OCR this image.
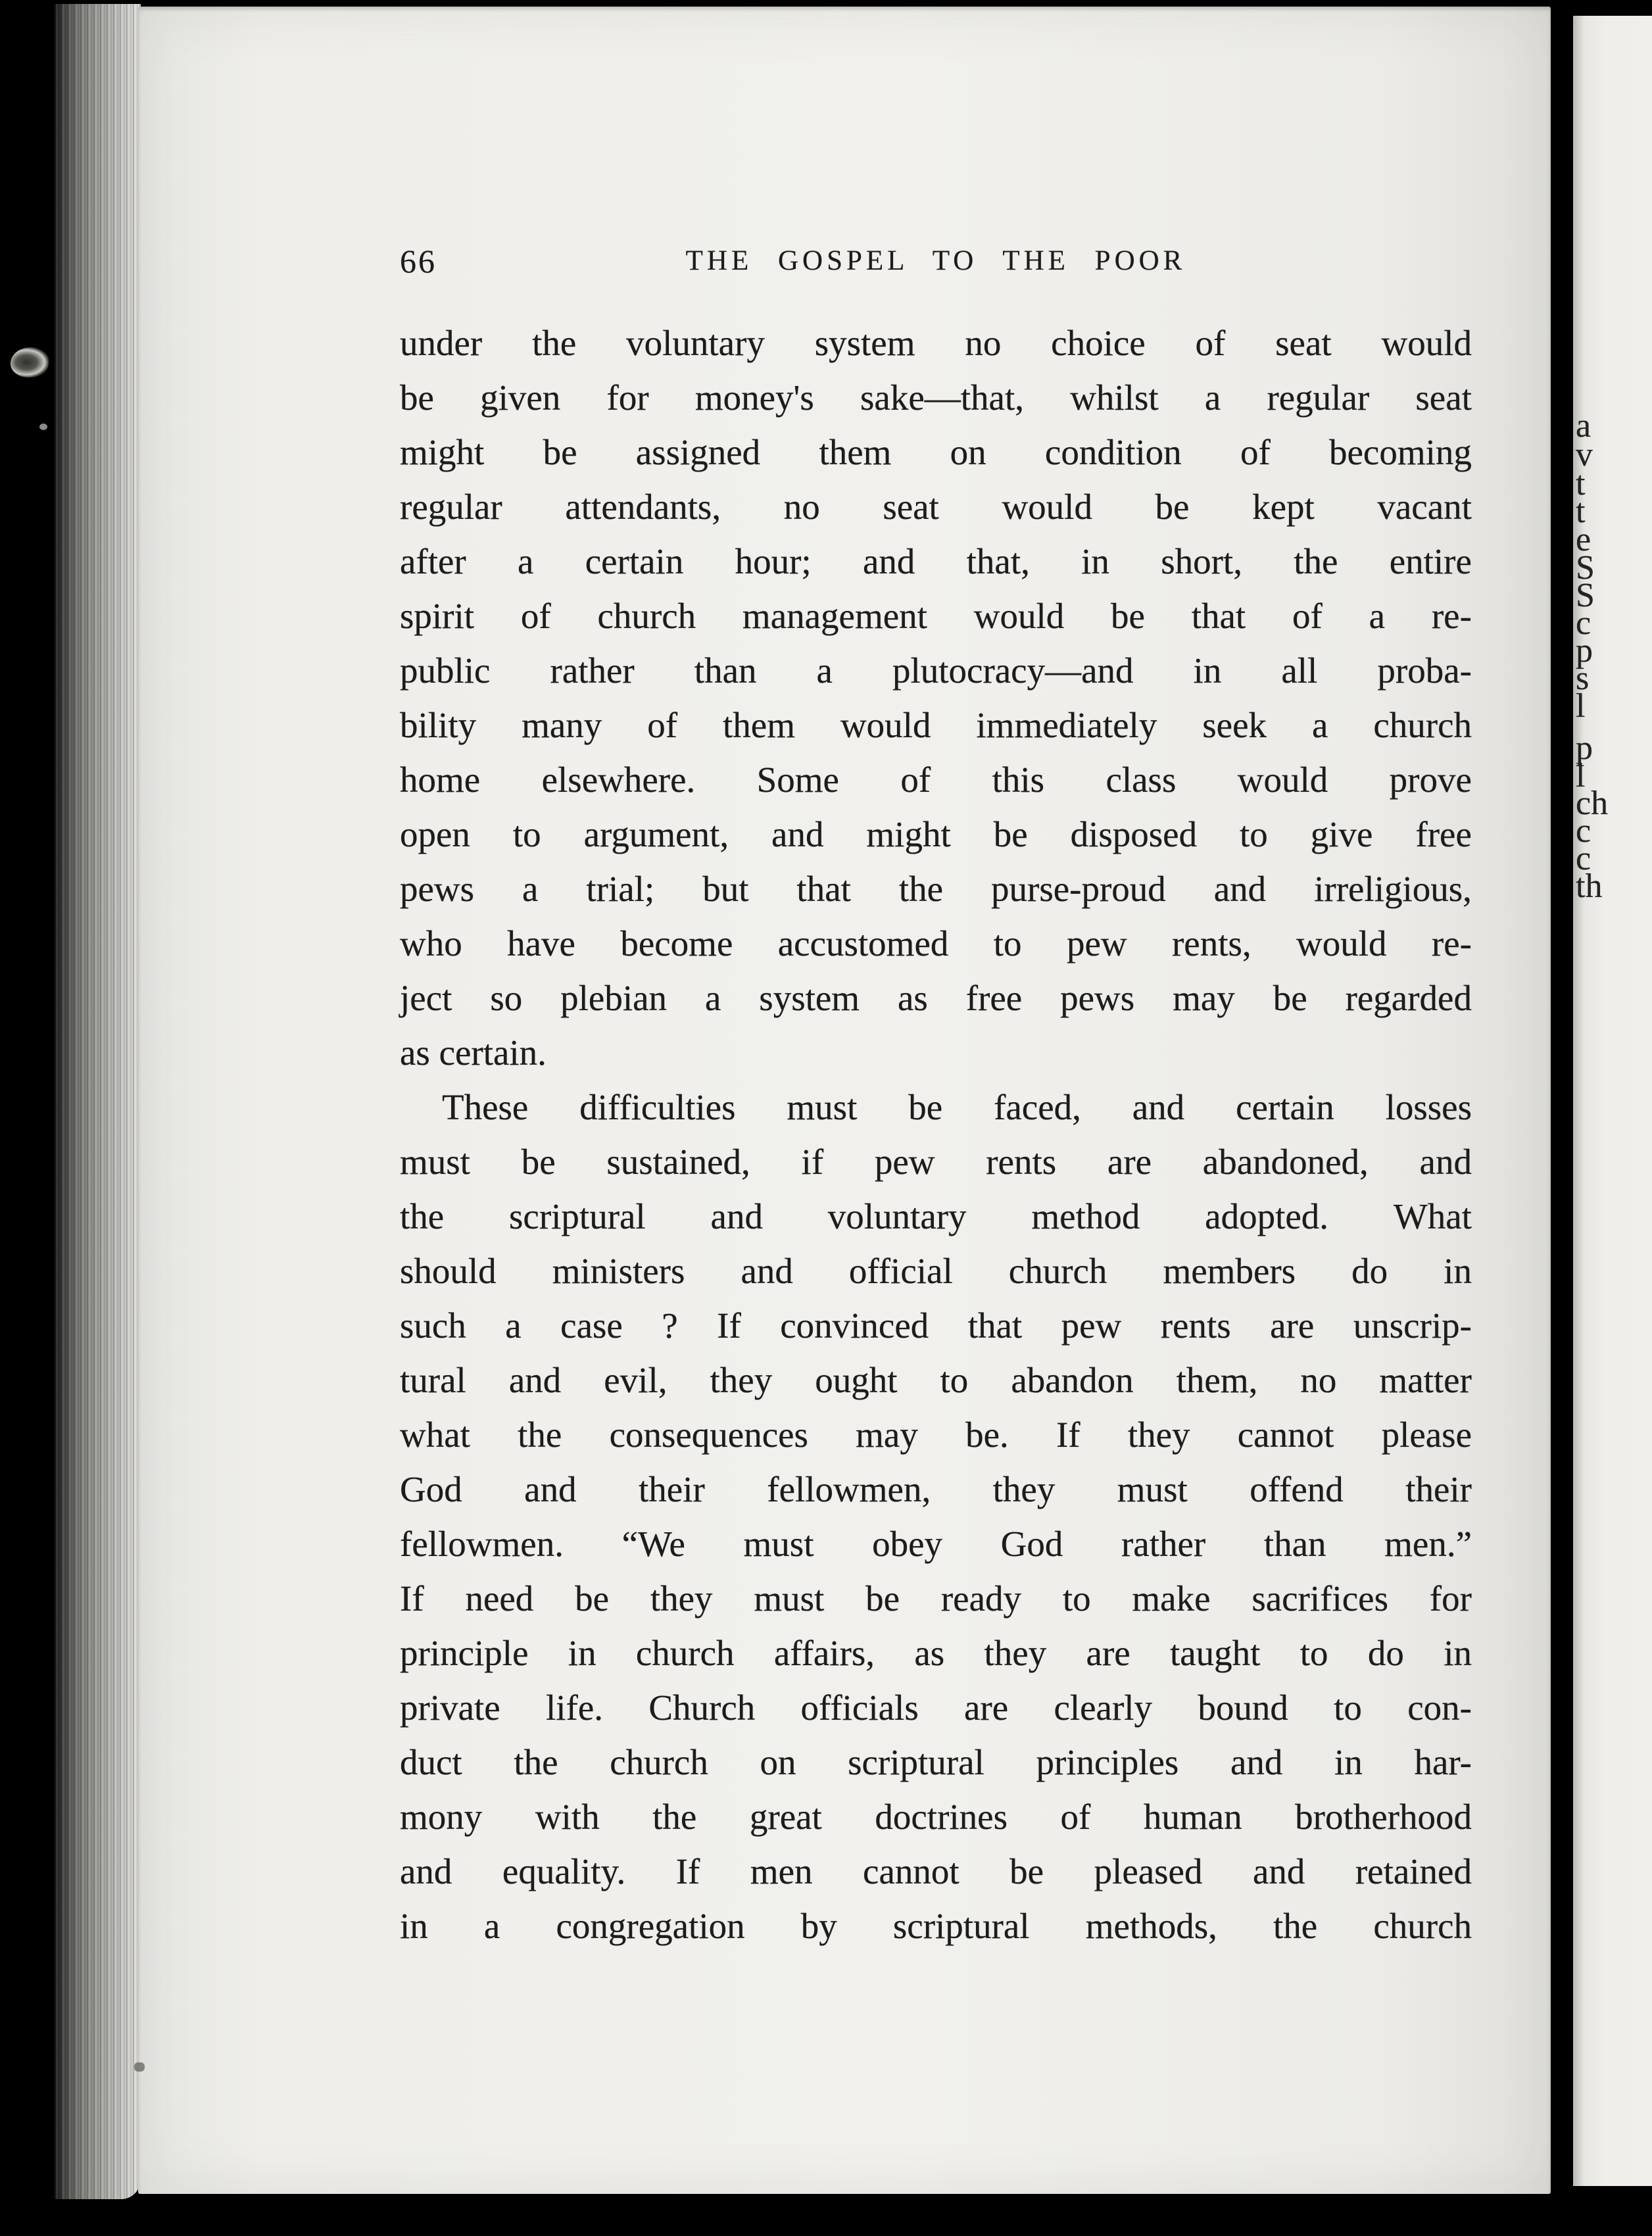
66	THE GOSPEL TO THE POOR
under the voluntary system no choice of seat would
be given for money's sake—that, whilst a regular seat
might be assigned them on condition of becoming
regular attendants, no seat would be kept vacant
after a certain hour; and that, in short, the entire
spirit of church management would be that of a re-
public rather than a plutocracy—and in all proba-
bility many of them would immediately seek a church
home elsewhere. Some of this class would prove
open to argument, and might be disposed to give free
pews a trial; but that the purse-proud and irreligious,
who have become accustomed to pew rents, would re-
ject so plebian a system as free pews may be regarded
as certain.
These difficulties must be faced, and certain losses
must be sustained, if pew rents are abandoned, and
the scriptural and voluntary method adopted. What
should ministers and official church members do in
such a case ? If convinced that pew rents are unscrip-
tural and evil, they ought to abandon them, no matter
what the consequences may be. If they cannot please
God and their fellowmen, they must offend their
fellowmen. “We must obey God rather than men.”
If need be they must be ready to make sacrifices for
principle in church affairs, as they are taught to do in
private life. Church officials are clearly bound to con-
duct the church on scriptural principles and in har-
mony with the great doctrines of human brotherhood
and equality. If men cannot be pleased and retained
in a congregation by scriptural methods, the church
a
v
t
t
e
S
S
c
p
s
l
p
l
ch
c
c
th
